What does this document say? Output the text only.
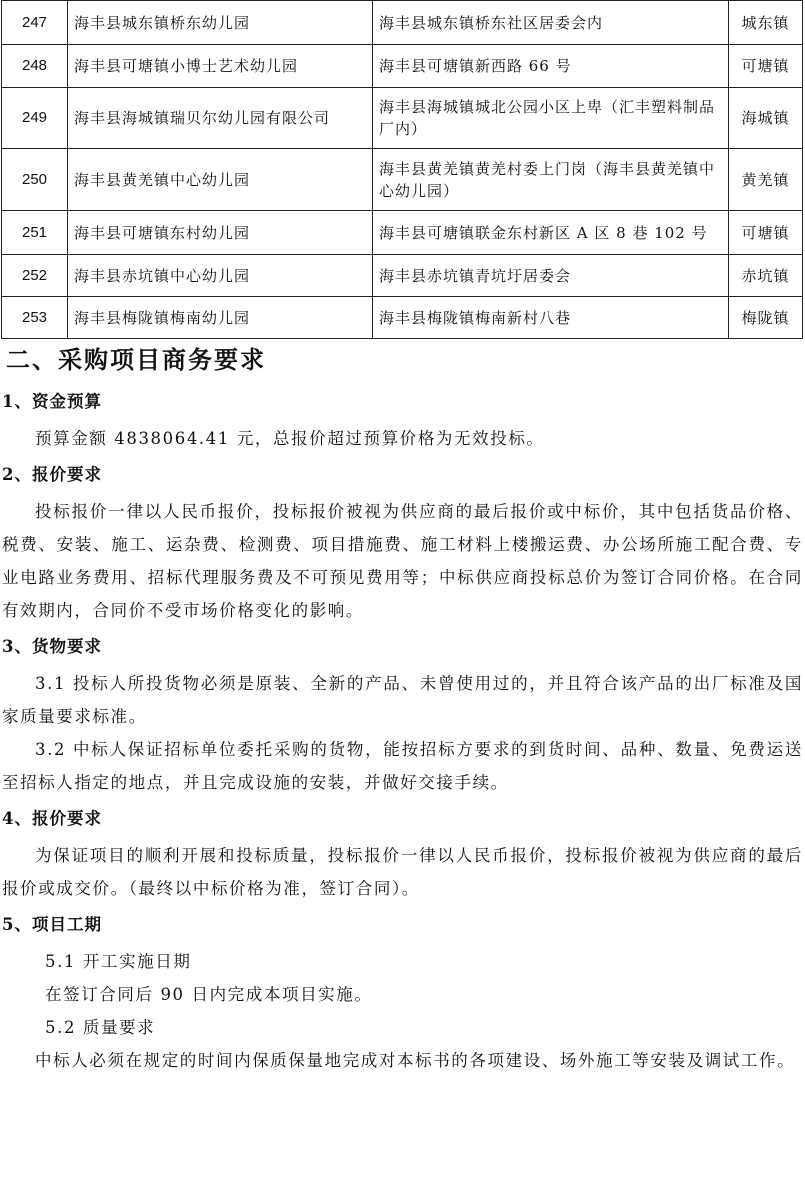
247	海丰县城东镇桥东幼儿园	海丰县城东镇桥东社区居委会内	城东镇
248	海丰县可塘镇小博士艺术幼儿园	海丰县可塘镇新西路 66 号	可塘镇
249	海丰县海城镇瑞贝尔幼儿园有限公司	海丰县海城镇城北公园小区上卑（汇丰塑料制品厂内）	海城镇
250	海丰县黄羌镇中心幼儿园	海丰县黄羌镇黄羌村委上门岗（海丰县黄羌镇中心幼儿园）	黄羌镇
251	海丰县可塘镇东村幼儿园	海丰县可塘镇联金东村新区 A 区 8 巷 102 号	可塘镇
252	海丰县赤坑镇中心幼儿园	海丰县赤坑镇青坑圩居委会	赤坑镇
253	海丰县梅陇镇梅南幼儿园	海丰县梅陇镇梅南新村八巷	梅陇镇
二、采购项目商务要求
1、资金预算
预算金额 4838064.41 元，总报价超过预算价格为无效投标。
2、报价要求
投标报价一律以人民币报价，投标报价被视为供应商的最后报价或中标价，其中包括货品价格、税费、安装、施工、运杂费、检测费、项目措施费、施工材料上楼搬运费、办公场所施工配合费、专业电路业务费用、招标代理服务费及不可预见费用等；中标供应商投标总价为签订合同价格。在合同有效期内，合同价不受市场价格变化的影响。
3、货物要求
3.1 投标人所投货物必须是原装、全新的产品、未曾使用过的，并且符合该产品的出厂标准及国家质量要求标准。
3.2 中标人保证招标单位委托采购的货物，能按招标方要求的到货时间、品种、数量、免费运送至招标人指定的地点，并且完成设施的安装，并做好交接手续。
4、报价要求
为保证项目的顺利开展和投标质量，投标报价一律以人民币报价，投标报价被视为供应商的最后报价或成交价。（最终以中标价格为准，签订合同）。
5、项目工期
5.1 开工实施日期
在签订合同后 90 日内完成本项目实施。
5.2 质量要求
中标人必须在规定的时间内保质保量地完成对本标书的各项建设、场外施工等安装及调试工作。
